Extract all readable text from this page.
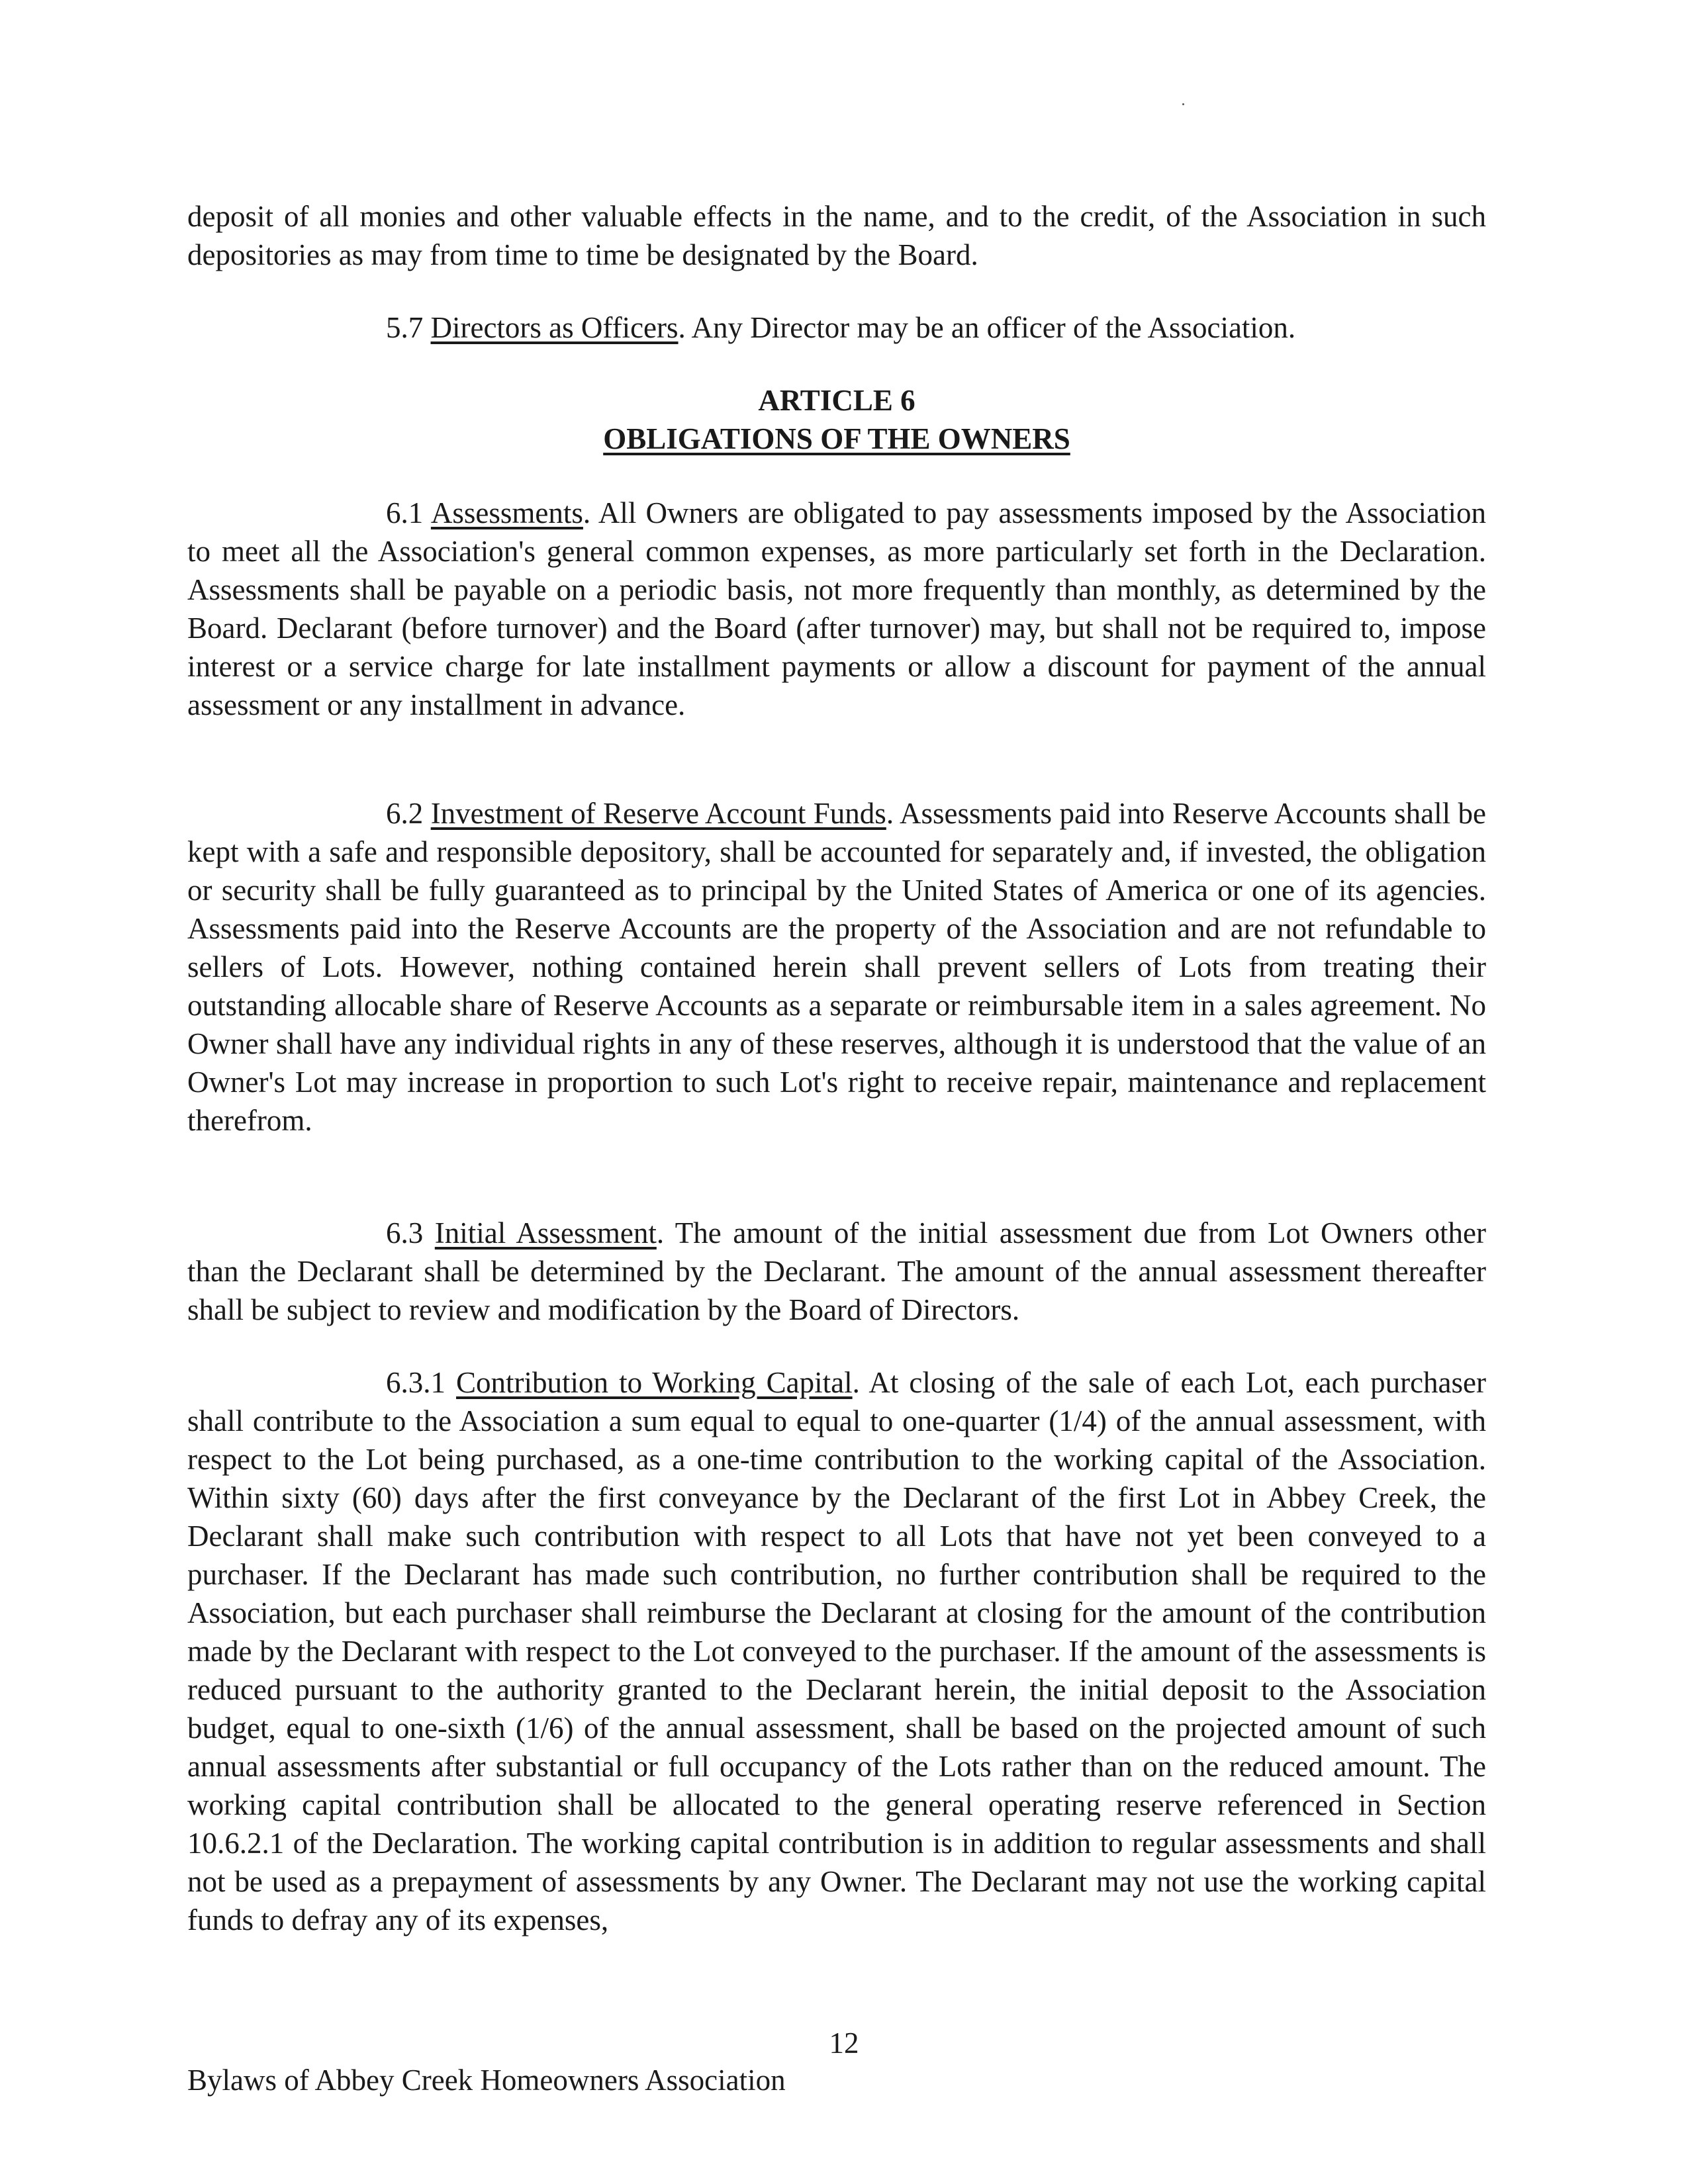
deposit of all monies and other valuable effects in the name, and to the credit, of the Association in such depositories as may from time to time be designated by the Board.

5.7 Directors as Officers. Any Director may be an officer of the Association.

ARTICLE 6

OBLIGATIONS OF THE OWNERS

6.1 Assessments. All Owners are obligated to pay assessments imposed by the Association to meet all the Association's general common expenses, as more particularly set forth in the Declaration. Assessments shall be payable on a periodic basis, not more frequently than monthly, as determined by the Board. Declarant (before turnover) and the Board (after turnover) may, but shall not be required to, impose interest or a service charge for late installment payments or allow a discount for payment of the annual assessment or any installment in advance.

6.2 Investment of Reserve Account Funds. Assessments paid into Reserve Accounts shall be kept with a safe and responsible depository, shall be accounted for separately and, if invested, the obligation or security shall be fully guaranteed as to principal by the United States of America or one of its agencies. Assessments paid into the Reserve Accounts are the property of the Association and are not refundable to sellers of Lots. However, nothing contained herein shall prevent sellers of Lots from treating their outstanding allocable share of Reserve Accounts as a separate or reimbursable item in a sales agreement. No Owner shall have any individual rights in any of these reserves, although it is understood that the value of an Owner's Lot may increase in proportion to such Lot's right to receive repair, maintenance and replacement therefrom.

6.3 Initial Assessment. The amount of the initial assessment due from Lot Owners other than the Declarant shall be determined by the Declarant. The amount of the annual assessment thereafter shall be subject to review and modification by the Board of Directors.

6.3.1 Contribution to Working Capital. At closing of the sale of each Lot, each purchaser shall contribute to the Association a sum equal to equal to one-quarter (1/4) of the annual assessment, with respect to the Lot being purchased, as a one-time contribution to the working capital of the Association. Within sixty (60) days after the first conveyance by the Declarant of the first Lot in Abbey Creek, the Declarant shall make such contribution with respect to all Lots that have not yet been conveyed to a purchaser. If the Declarant has made such contribution, no further contribution shall be required to the Association, but each purchaser shall reimburse the Declarant at closing for the amount of the contribution made by the Declarant with respect to the Lot conveyed to the purchaser. If the amount of the assessments is reduced pursuant to the authority granted to the Declarant herein, the initial deposit to the Association budget, equal to one-sixth (1/6) of the annual assessment, shall be based on the projected amount of such annual assessments after substantial or full occupancy of the Lots rather than on the reduced amount. The working capital contribution shall be allocated to the general operating reserve referenced in Section 10.6.2.1 of the Declaration. The working capital contribution is in addition to regular assessments and shall not be used as a prepayment of assessments by any Owner. The Declarant may not use the working capital funds to defray any of its expenses,

12
Bylaws of Abbey Creek Homeowners Association
